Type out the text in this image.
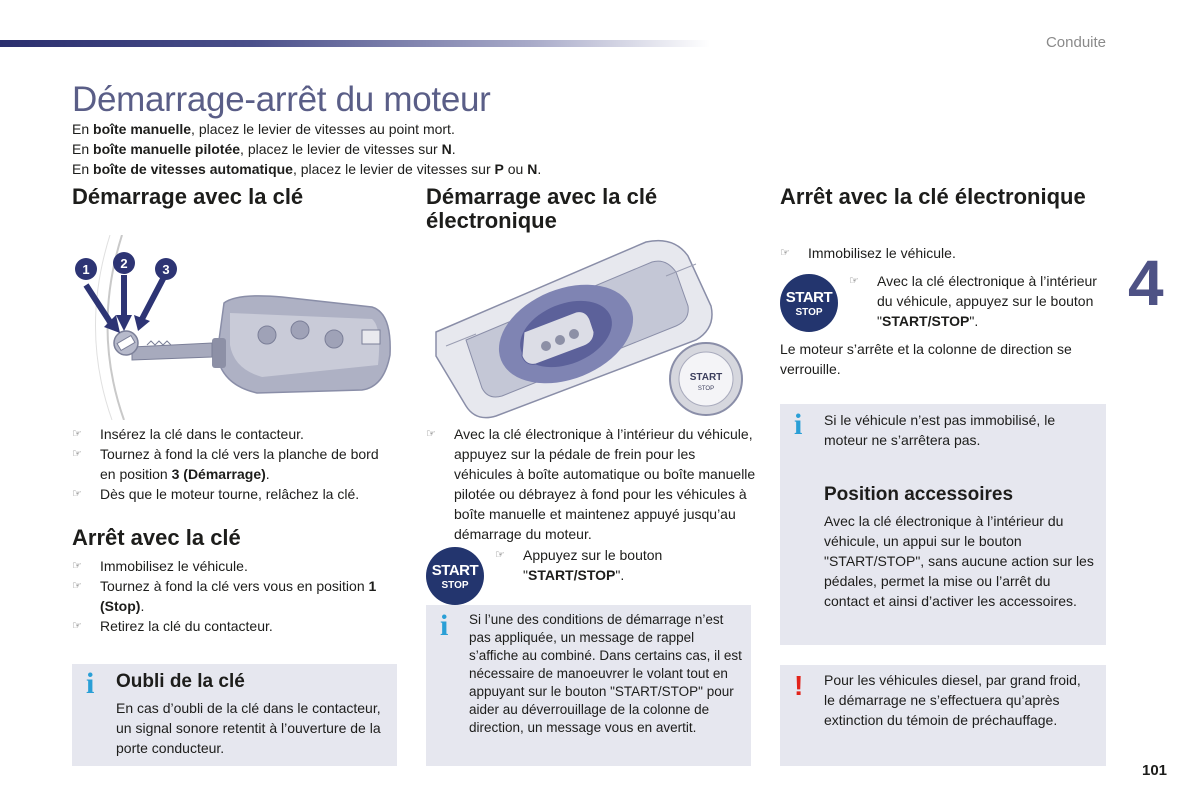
Conduite
4
101
Démarrage-arrêt du moteur
En boîte manuelle, placez le levier de vitesses au point mort.
En boîte manuelle pilotée, placez le levier de vitesses sur N.
En boîte de vitesses automatique, placez le levier de vitesses sur P ou N.
Démarrage avec la clé
1 2	3
☞ Insérez la clé dans le contacteur.
☞ Tournez à fond la clé vers la planche de bord en position 3 (Démarrage).
☞ Dès que le moteur tourne, relâchez la clé.
Arrêt avec la clé
☞ Immobilisez le véhicule.
☞ Tournez à fond la clé vers vous en position 1 (Stop).
☞ Retirez la clé du contacteur.
i Oubli de la clé
En cas d’oubli de la clé dans le contacteur, un signal sonore retentit à l’ouverture de la porte conducteur.
Démarrage avec la clé électronique
START
STOP
☞ Avec la clé électronique à l’intérieur du véhicule, appuyez sur la pédale de frein pour les véhicules à boîte automatique ou boîte manuelle pilotée ou débrayez à fond pour les véhicules à boîte manuelle et maintenez appuyé jusqu’au démarrage du moteur.
START
STOP
☞ Appuyez sur le bouton "START/STOP".
i Si l’une des conditions de démarrage n’est pas appliquée, un message de rappel s’affiche au combiné. Dans certains cas, il est nécessaire de manoeuvrer le volant tout en appuyant sur le bouton "START/STOP" pour aider au déverrouillage de la colonne de direction, un message vous en avertit.
Arrêt avec la clé électronique
☞ Immobilisez le véhicule.
START
STOP
☞ Avec la clé électronique à l’intérieur du véhicule, appuyez sur le bouton "START/STOP".
Le moteur s’arrête et la colonne de direction se verrouille.
i Si le véhicule n’est pas immobilisé, le moteur ne s’arrêtera pas.
Position accessoires
Avec la clé électronique à l’intérieur du véhicule, un appui sur le bouton "START/STOP", sans aucune action sur les pédales, permet la mise ou l’arrêt du contact et ainsi d’activer les accessoires.
! Pour les véhicules diesel, par grand froid, le démarrage ne s’effectuera qu’après extinction du témoin de préchauffage.
